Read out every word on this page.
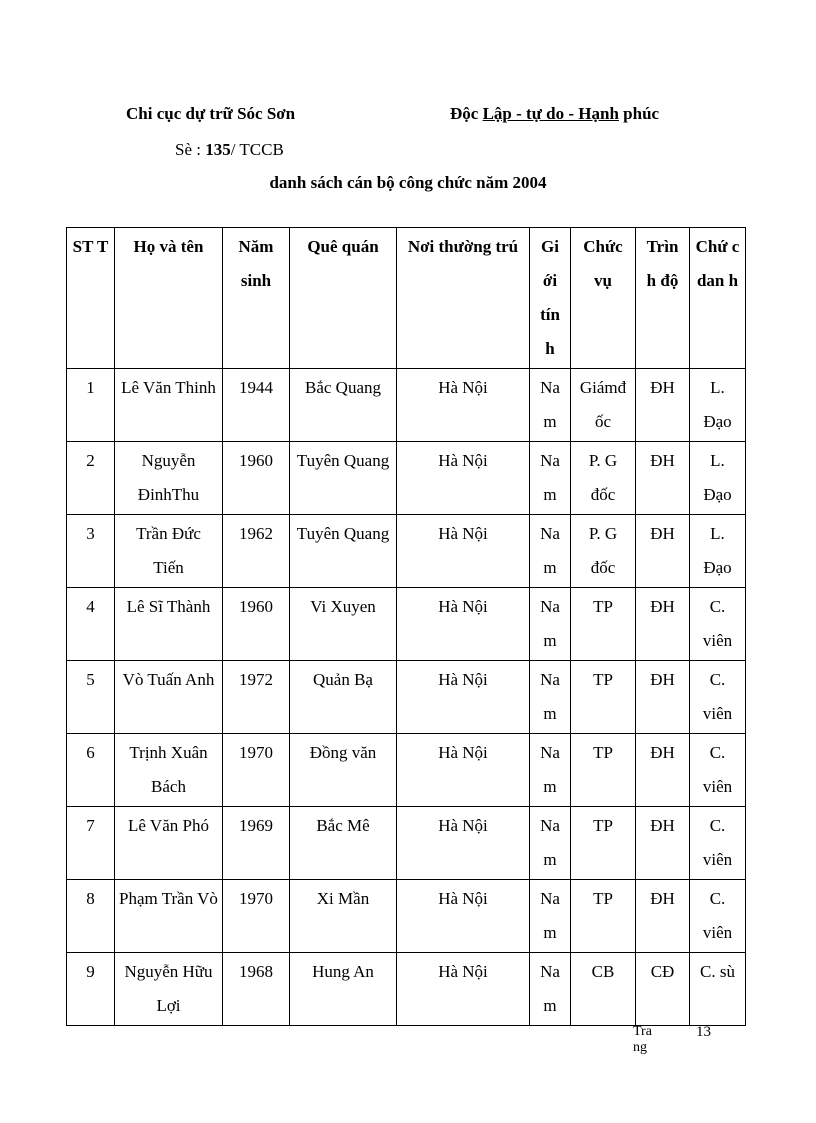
Chi cục dự trữ Sóc Sơn	Độc Lập - tự do - Hạnh phúc
Sè : 135/ TCCB
danh sách cán bộ công chức năm 2004
ST T	Họ và tên	Năm sinh	Quê quán	Nơi thường trú	Gi ới tín h	Chức vụ	Trìn h độ	Chứ c dan h
1	Lê Văn Thinh	1944	Bắc Quang	Hà Nội	Na m	Giámđ ốc	ĐH	L. Đạo
2	Nguyễn ĐinhThu	1960	Tuyên Quang	Hà Nội	Na m	P. G đốc	ĐH	L. Đạo
3	Trần Đức Tiến	1962	Tuyên Quang	Hà Nội	Na m	P. G đốc	ĐH	L. Đạo
4	Lê Sĩ Thành	1960	Vi Xuyen	Hà Nội	Na m	TP	ĐH	C. viên
5	Vò Tuấn Anh	1972	Quản Bạ	Hà Nội	Na m	TP	ĐH	C. viên
6	Trịnh Xuân Bách	1970	Đồng văn	Hà Nội	Na m	TP	ĐH	C. viên
7	Lê Văn Phó	1969	Bắc Mê	Hà Nội	Na m	TP	ĐH	C. viên
8	Phạm Trần Vò	1970	Xi Mần	Hà Nội	Na m	TP	ĐH	C. viên
9	Nguyễn Hữu Lợi	1968	Hung An	Hà Nội	Na m	CB	CĐ	C. sù
Trang
13
